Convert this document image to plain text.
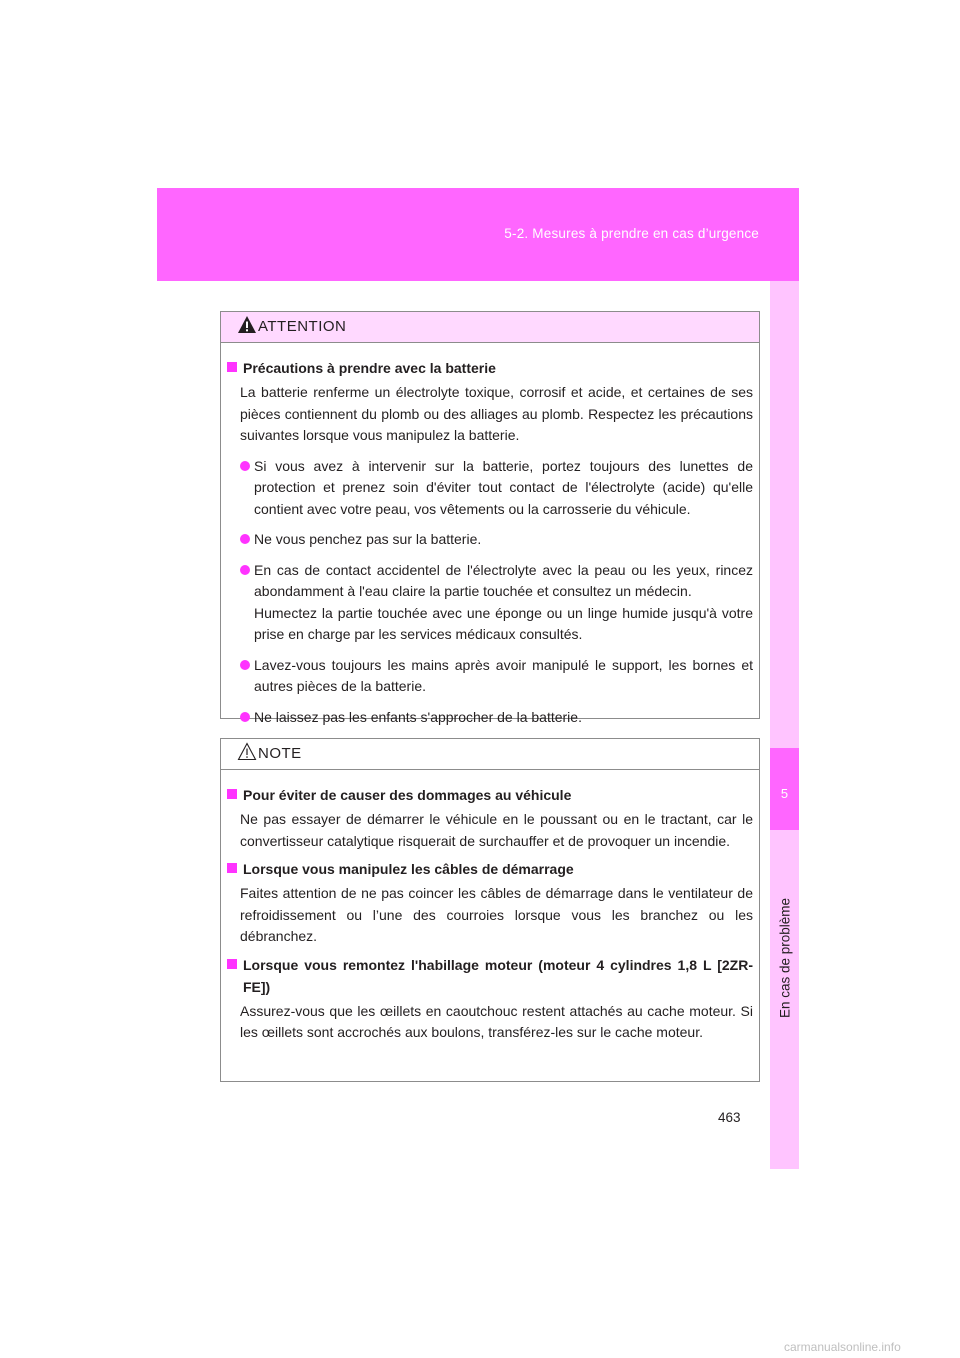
5-2. Mesures à prendre en cas d’urgence
5
En cas de problème
ATTENTION
Précautions à prendre avec la batterie
La batterie renferme un électrolyte toxique, corrosif et acide, et certaines de ses pièces contiennent du plomb ou des alliages au plomb. Respectez les précautions suivantes lorsque vous manipulez la batterie.
Si vous avez à intervenir sur la batterie, portez toujours des lunettes de protection et prenez soin d'éviter tout contact de l'électrolyte (acide) qu'elle contient avec votre peau, vos vêtements ou la carrosserie du véhicule.
Ne vous penchez pas sur la batterie.
En cas de contact accidentel de l'électrolyte avec la peau ou les yeux, rincez abondamment à l'eau claire la partie touchée et consultez un médecin.
Humectez la partie touchée avec une éponge ou un linge humide jusqu'à votre prise en charge par les services médicaux consultés.
Lavez-vous toujours les mains après avoir manipulé le support, les bornes et autres pièces de la batterie.
Ne laissez pas les enfants s'approcher de la batterie.
NOTE
Pour éviter de causer des dommages au véhicule
Ne pas essayer de démarrer le véhicule en le poussant ou en le tractant, car le convertisseur catalytique risquerait de surchauffer et de provoquer un incendie.
Lorsque vous manipulez les câbles de démarrage
Faites attention de ne pas coincer les câbles de démarrage dans le ventilateur de refroidissement ou l’une des courroies lorsque vous les branchez ou les débranchez.
Lorsque vous remontez l'habillage moteur (moteur 4 cylindres 1,8 L [2ZR-FE])
Assurez-vous que les œillets en caoutchouc restent attachés au cache moteur. Si les œillets sont accrochés aux boulons, transférez-les sur le cache moteur.
463
carmanualsonline.info
